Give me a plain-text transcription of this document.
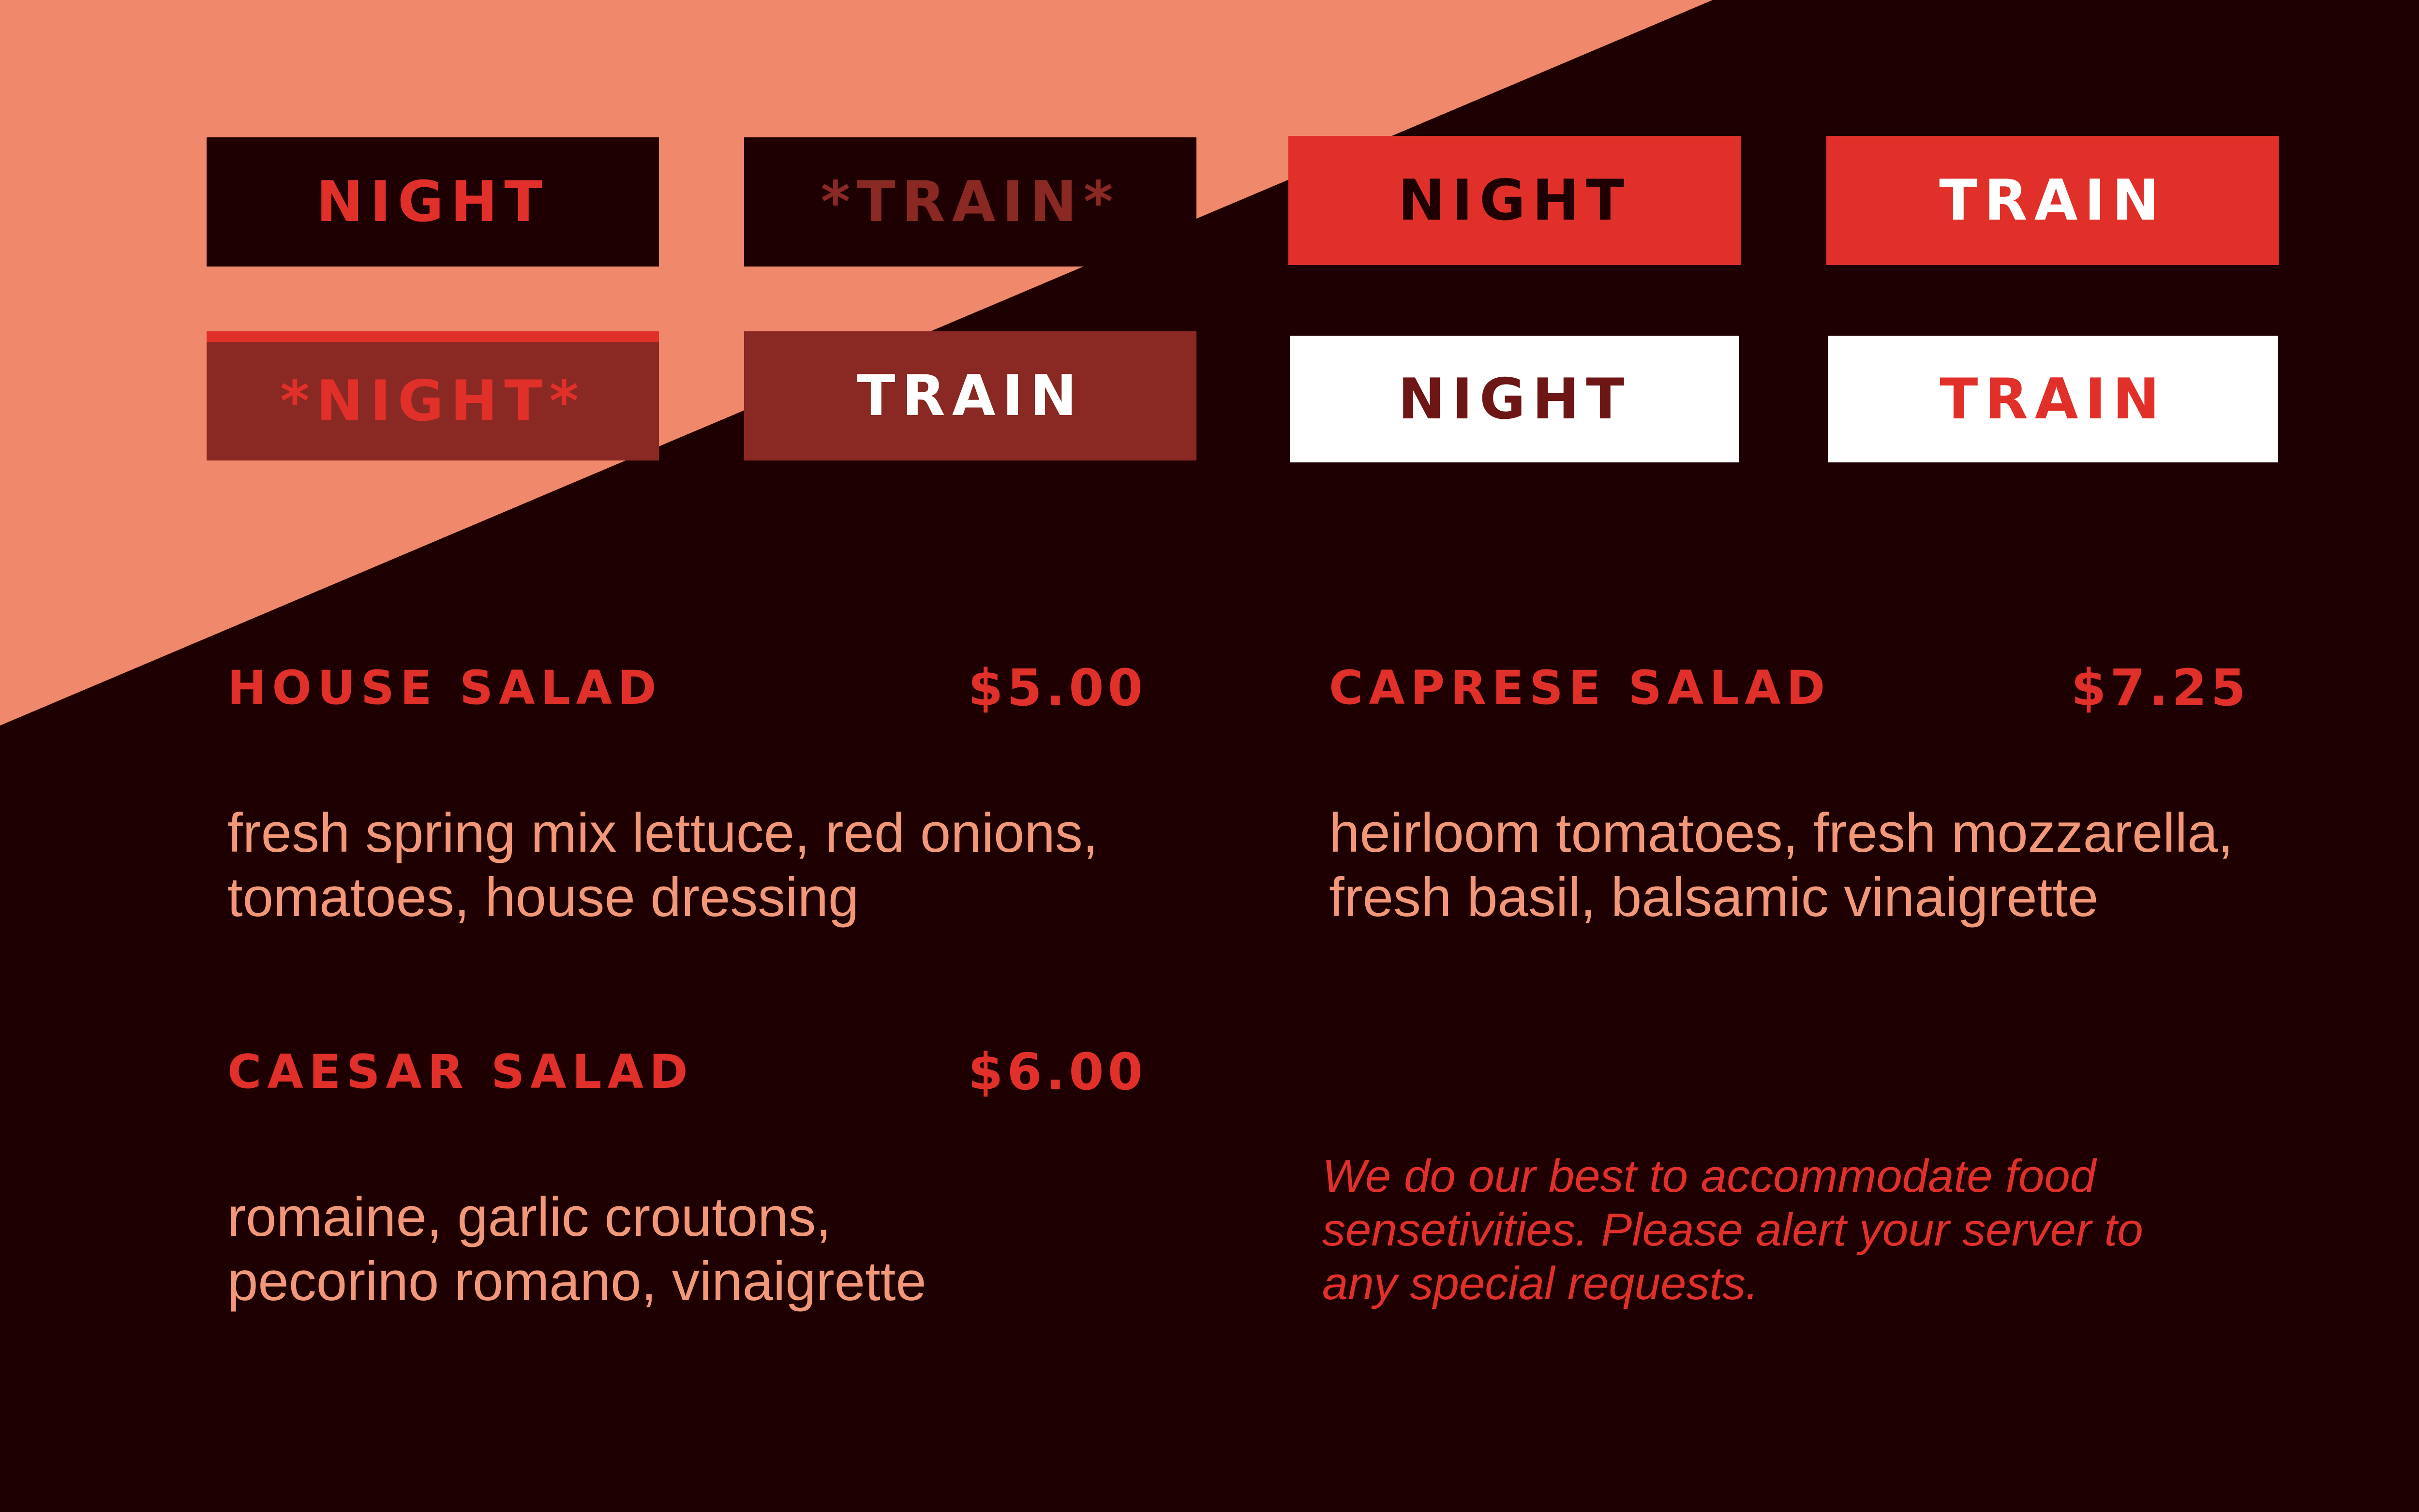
NIGHT	*TRAIN*	NIGHT	TRAIN
*NIGHT*	TRAIN	NIGHT	TRAIN
HOUSE SALAD	$5.00
fresh spring mix lettuce, red onions, tomatoes, house dressing
CAESAR SALAD	$6.00
romaine, garlic croutons, pecorino romano, vinaigrette
CAPRESE SALAD	$7.25
heirloom tomatoes, fresh mozzarella, fresh basil, balsamic vinaigrette
We do our best to accommodate food sensetivities. Please alert your server to any special requests.
